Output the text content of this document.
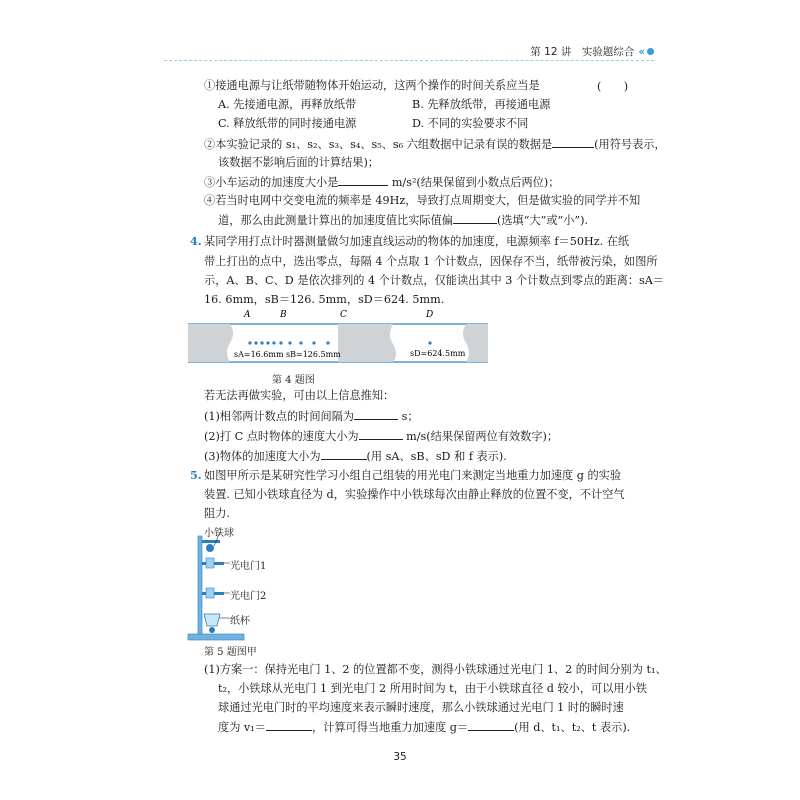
第 12 讲　实验题综合 ‹‹
①接通电源与让纸带随物体开始运动，这两个操作的时间关系应当是	(　　)
A. 先接通电源，再释放纸带	B. 先释放纸带，再接通电源
C. 释放纸带的同时接通电源	D. 不同的实验要求不同
②本实验记录的 s₁、s₂、s₃、s₄、s₅、s₆ 六组数据中记录有误的数据是	(用符号表示，
该数据不影响后面的计算结果)；
③小车运动的加速度大小是	m/s²(结果保留到小数点后两位)；
④若当时电网中交变电流的频率是 49Hz，导致打点周期变大，但是做实验的同学并不知
道，那么由此测量计算出的加速度值比实际值偏	(选填“大”或“小”).
4. 某同学用打点计时器测量做匀加速直线运动的物体的加速度，电源频率 f＝50Hz. 在纸
带上打出的点中，选出零点，每隔 4 个点取 1 个计数点，因保存不当，纸带被污染，如图所
示，A、B、C、D 是依次排列的 4 个计数点，仅能读出其中 3 个计数点到零点的距离：sA＝
16. 6mm，sB＝126. 5mm，sD＝624. 5mm.
A	B	C	D
sA=16.6mm sB=126.5mm	sD=624.5mm
第 4 题图
若无法再做实验，可由以上信息推知：
(1)相邻两计数点的时间间隔为	s；
(2)打 C 点时物体的速度大小为	m/s(结果保留两位有效数字)；
(3)物体的加速度大小为	(用 sA、sB、sD 和 f 表示).
5. 如图甲所示是某研究性学习小组自己组装的用光电门来测定当地重力加速度 g 的实验
装置. 已知小铁球直径为 d，实验操作中小铁球每次由静止释放的位置不变，不计空气
阻力.
小铁球
光电门1
光电门2
纸杯
第 5 题图甲
(1)方案一：保持光电门 1、2 的位置都不变，测得小铁球通过光电门 1、2 的时间分别为 t₁、
t₂，小铁球从光电门 1 到光电门 2 所用时间为 t，由于小铁球直径 d 较小，可以用小铁
球通过光电门时的平均速度来表示瞬时速度，那么小铁球通过光电门 1 时的瞬时速
度为 v₁＝	，计算可得当地重力加速度 g＝	(用 d、t₁、t₂、t 表示).
35
